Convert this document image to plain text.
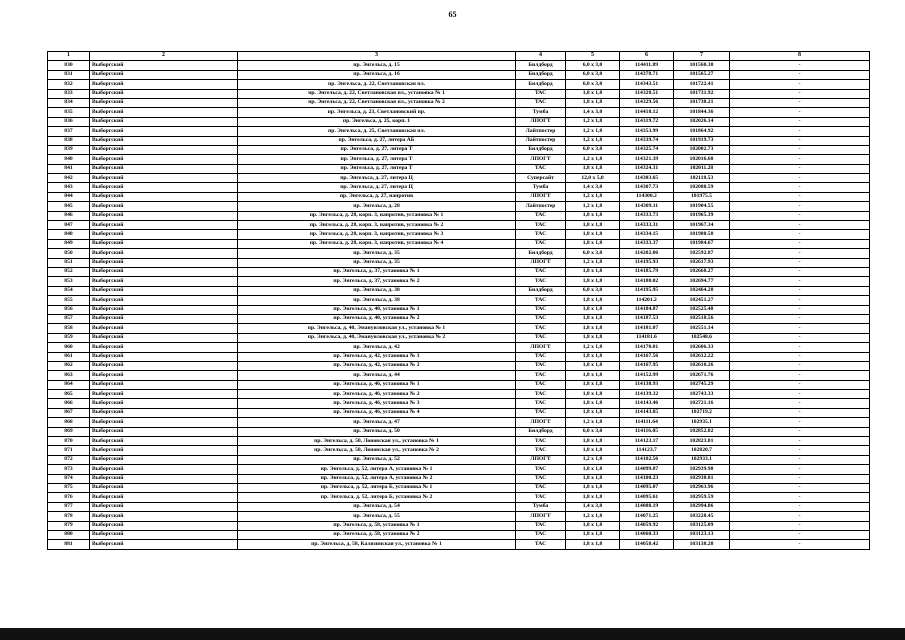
65
1	2	3	4	5	6	7	8
830	Выборгский	пр. Энгельса, д. 15	Билдборд	6,0 х 3,0	114411.89	101560.38	-
831	Выборгский	пр. Энгельса, д. 16	Билдборд	6,0 х 3,0	114378.71	101565.27	-
832	Выборгский	пр. Энгельса, д. 22, Светлановская пл.	Билдборд	6,0 х 3,0	114343.51	101722.41	-
833	Выборгский	пр. Энгельса, д. 22, Светлановская пл., установка № 1	ТАС	1,8 х 1,8	114328.51	101731.92	-
834	Выборгский	пр. Энгельса, д. 22, Светлановская пл., установка № 2	ТАС	1,8 х 1,8	114329.56	101730.21	-
835	Выборгский	пр. Энгельса, д. 23, Светлановский пр.	Тумба	1,4 х 3,0	114418.12	101844.36	-
836	Выборгский	пр. Энгельса, д. 25, корп. 1	ЛПОГТ	1,2 х 1,8	114319.72	102026.14	-
837	Выборгский	пр. Энгельса, д. 25, Светлановская пл.	Лайтпостер	1,2 х 1,8	114353.99	101864.92	-
838	Выборгский	пр. Энгельса, д. 27, литера АБ	Лайтпостер	1,2 х 1,8	114339.74	101919.73	-
839	Выборгский	пр. Энгельса, д. 27, литера Т	Билдборд	6,0 х 3,0	114325.74	102002.73	-
840	Выборгский	пр. Энгельса, д. 27, литера Т	ЛПОГТ	1,2 х 1,8	114321.39	102016.68	-
841	Выборгский	пр. Энгельса, д. 27, литера Т	ТАС	1,8 х 1,8	114324.31	102011.28	-
842	Выборгский	пр. Энгельса, д. 27, литера Ц	Суперсайт	12,0 х 5,0	114303.65	102118.53	-
843	Выборгский	пр. Энгельса, д. 27, литера Ц	Тумба	1,4 х 3,0	114307.73	102080.59	-
844	Выборгский	пр. Энгельса, д. 27, напротив	ЛПОГТ	1,2 х 1,8	114300.2	101975.5	-
845	Выборгский	пр. Энгельса, д. 28	Лайтпостер	1,2 х 1,8	114309.11	101904.55	-
846	Выборгский	пр. Энгельса, д. 28, корп. 3, напротив, установка № 1	ТАС	1,8 х 1,8	114333.73	101965.39	-
847	Выборгский	пр. Энгельса, д. 28, корп. 3, напротив, установка № 2	ТАС	1,8 х 1,8	114333.31	101967.34	-
848	Выборгский	пр. Энгельса, д. 28, корп. 3, напротив, установка № 3	ТАС	1,8 х 1,8	114334.15	101980.58	-
849	Выборгский	пр. Энгельса, д. 28, корп. 3, напротив, установка № 4	ТАС	1,8 х 1,8	114333.37	101984.67	-
850	Выборгский	пр. Энгельса, д. 35	Билдборд	6,0 х 3,0	114202.06	102592.87	-
851	Выборгский	пр. Энгельса, д. 35	ЛПОГТ	1,2 х 1,8	114195.93	102617.93	-
852	Выборгский	пр. Энгельса, д. 37, установка № 1	ТАС	1,8 х 1,8	114185.79	102668.27	-
853	Выборгский	пр. Энгельса, д. 37, установка № 2	ТАС	1,8 х 1,8	114180.02	102694.77	-
854	Выборгский	пр. Энгельса, д. 38	Билдборд	6,0 х 3,0	114195.95	102464.28	-
855	Выборгский	пр. Энгельса, д. 38	ТАС	1,8 х 1,8	114201.2	102451.27	-
856	Выборгский	пр. Энгельса, д. 40, установка № 1	ТАС	1,8 х 1,8	114184.87	102525.48	-
857	Выборгский	пр. Энгельса, д. 40, установка № 2	ТАС	1,8 х 1,8	114187.53	102518.56	-
858	Выборгский	пр. Энгельса, д. 40, Эмануиловская ул., установка № 1	ТАС	1,8 х 1,8	114181.07	102551.14	-
859	Выборгский	пр. Энгельса, д. 40, Эмануиловская ул., установка № 2	ТАС	1,8 х 1,8	114181.6	102548.6	-
860	Выборгский	пр. Энгельса, д. 42	ЛПОГТ	1,2 х 1,8	114170.01	102606.33	-
861	Выборгский	пр. Энгельса, д. 42, установка № 1	ТАС	1,8 х 1,8	114167.56	102612.22	-
862	Выборгский	пр. Энгельса, д. 42, установка № 2	ТАС	1,8 х 1,8	114167.95	102610.26	-
863	Выборгский	пр. Энгельса, д. 44	ТАС	1,8 х 1,8	114152.99	102671.76	-
864	Выборгский	пр. Энгельса, д. 46, установка № 1	ТАС	1,8 х 1,8	114138.93	102745.29	-
865	Выборгский	пр. Энгельса, д. 46, установка № 2	ТАС	1,8 х 1,8	114139.32	102743.33	-
866	Выборгский	пр. Энгельса, д. 46, установка № 3	ТАС	1,8 х 1,8	114143.46	102721.16	-
867	Выборгский	пр. Энгельса, д. 46, установка № 4	ТАС	1,8 х 1,8	114143.85	102719.2	-
868	Выборгский	пр. Энгельса, д. 47	ЛПОГТ	1,2 х 1,8	114111.64	102935.1	-
869	Выборгский	пр. Энгельса, д. 50	Билдборд	6,0 х 3,0	114116.05	102852.02	-
870	Выборгский	пр. Энгельса, д. 50, Лоновская ул., установка № 1	ТАС	1,8 х 1,8	114123.17	102823.01	-
871	Выборгский	пр. Энгельса, д. 50, Лоновская ул., установка № 2	ТАС	1,8 х 1,8	114123.7	102820.7	-
872	Выборгский	пр. Энгельса, д. 52	ЛПОГТ	1,2 х 1,8	114102.56	102933.1	-
873	Выборгский	пр. Энгельса, д. 52, литера А, установка № 1	ТАС	1,8 х 1,8	114099.87	102939.98	-
874	Выборгский	пр. Энгельса, д. 52, литера А, установка № 2	ТАС	1,8 х 1,8	114100.23	102938.01	-
875	Выборгский	пр. Энгельса, д. 52, литера Б, установка № 1	ТАС	1,8 х 1,8	114095.07	102963.96	-
876	Выборгский	пр. Энгельса, д. 52, литера Б, установка № 2	ТАС	1,8 х 1,8	114095.61	102959.59	-
877	Выборгский	пр. Энгельса, д. 54	Тумба	1,4 х 3,0	114088.19	102994.86	-
878	Выборгский	пр. Энгельса, д. 55	ЛПОГТ	1,2 х 1,8	114071.25	103228.45	-
879	Выборгский	пр. Энгельса, д. 58, установка № 1	ТАС	1,8 х 1,8	114059.92	103125.09	-
880	Выборгский	пр. Энгельса, д. 58, установка № 2	ТАС	1,8 х 1,8	114060.33	103123.13	-
881	Выборгский	пр. Энгельса, д. 58, Калязинская ул., установка № 1	ТАС	1,8 х 1,8	114058.42	103138.28	-
